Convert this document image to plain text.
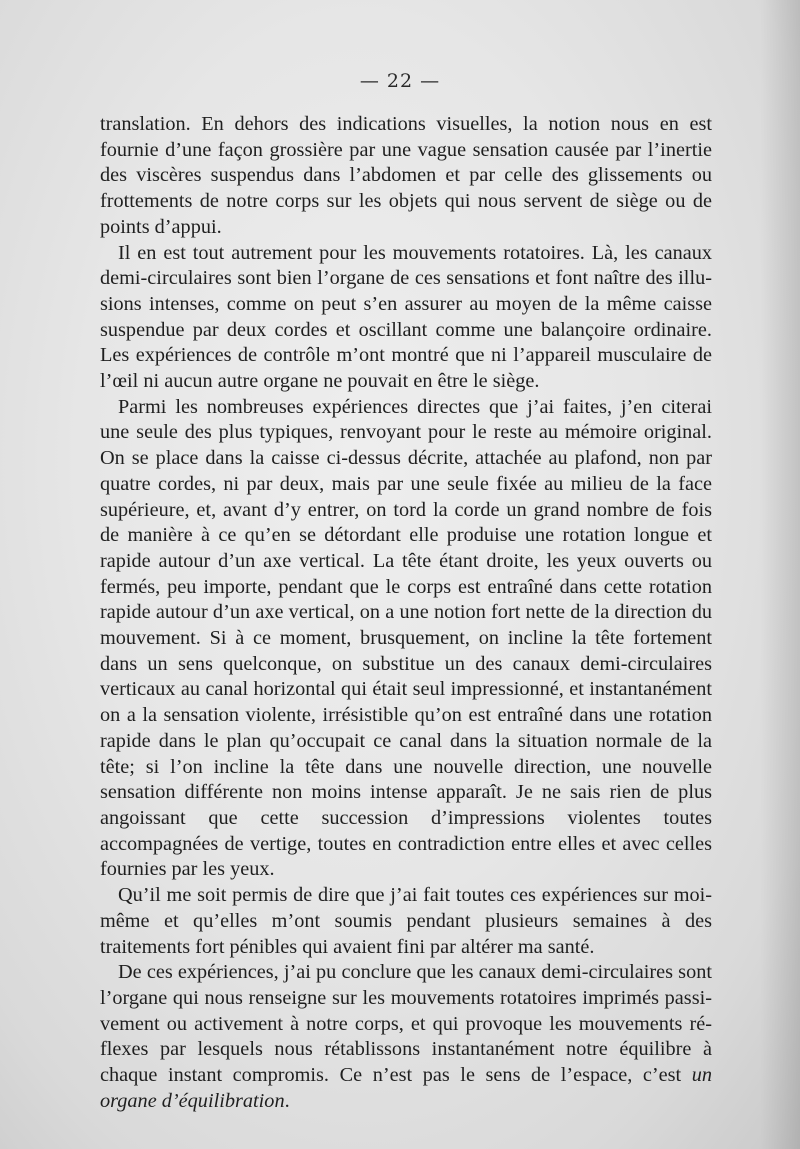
— 22 —

translation. En dehors des indications visuelles, la notion nous en est fournie d’une façon grossière par une vague sensation causée par l’inertie des viscères suspendus dans l’abdomen et par celle des glissements ou frottements de notre corps sur les objets qui nous servent de siège ou de points d’appui.

Il en est tout autrement pour les mouvements rotatoires. Là, les canaux demi-circulaires sont bien l’organe de ces sensations et font naître des illusions intenses, comme on peut s’en assurer au moyen de la même caisse suspendue par deux cordes et oscillant comme une balançoire ordinaire. Les expériences de contrôle m’ont montré que ni l’appareil musculaire de l’œil ni aucun autre organe ne pouvait en être le siège.

Parmi les nombreuses expériences directes que j’ai faites, j’en citerai une seule des plus typiques, renvoyant pour le reste au mémoire original. On se place dans la caisse ci-dessus décrite, attachée au plafond, non par quatre cordes, ni par deux, mais par une seule fixée au milieu de la face supérieure, et, avant d’y entrer, on tord la corde un grand nombre de fois de manière à ce qu’en se détordant elle produise une rotation longue et rapide autour d’un axe vertical. La tête étant droite, les yeux ouverts ou fermés, peu importe, pendant que le corps est entraîné dans cette rotation rapide autour d’un axe vertical, on a une notion fort nette de la direction du mouvement. Si à ce moment, brusquement, on incline la tête fortement dans un sens quelconque, on substitue un des canaux demi-circulaires verticaux au canal horizontal qui était seul impressionné, et instantanément on a la sensation violente, irrésistible qu’on est entraîné dans une rotation rapide dans le plan qu’occupait ce canal dans la situation normale de la tête; si l’on incline la tête dans une nouvelle direction, une nouvelle sensation différente non moins intense apparaît. Je ne sais rien de plus angoissant que cette succession d’impressions violentes toutes accompagnées de vertige, toutes en contradiction entre elles et avec celles fournies par les yeux.

Qu’il me soit permis de dire que j’ai fait toutes ces expériences sur moi-même et qu’elles m’ont soumis pendant plusieurs semaines à des traitements fort pénibles qui avaient fini par altérer ma santé.

De ces expériences, j’ai pu conclure que les canaux demi-circulaires sont l’organe qui nous renseigne sur les mouvements rotatoires imprimés passivement ou activement à notre corps, et qui provoque les mouvements réflexes par lesquels nous rétablissons instantanément notre équilibre à chaque instant compromis. Ce n’est pas le sens de l’espace, c’est un organe d’équilibration.
